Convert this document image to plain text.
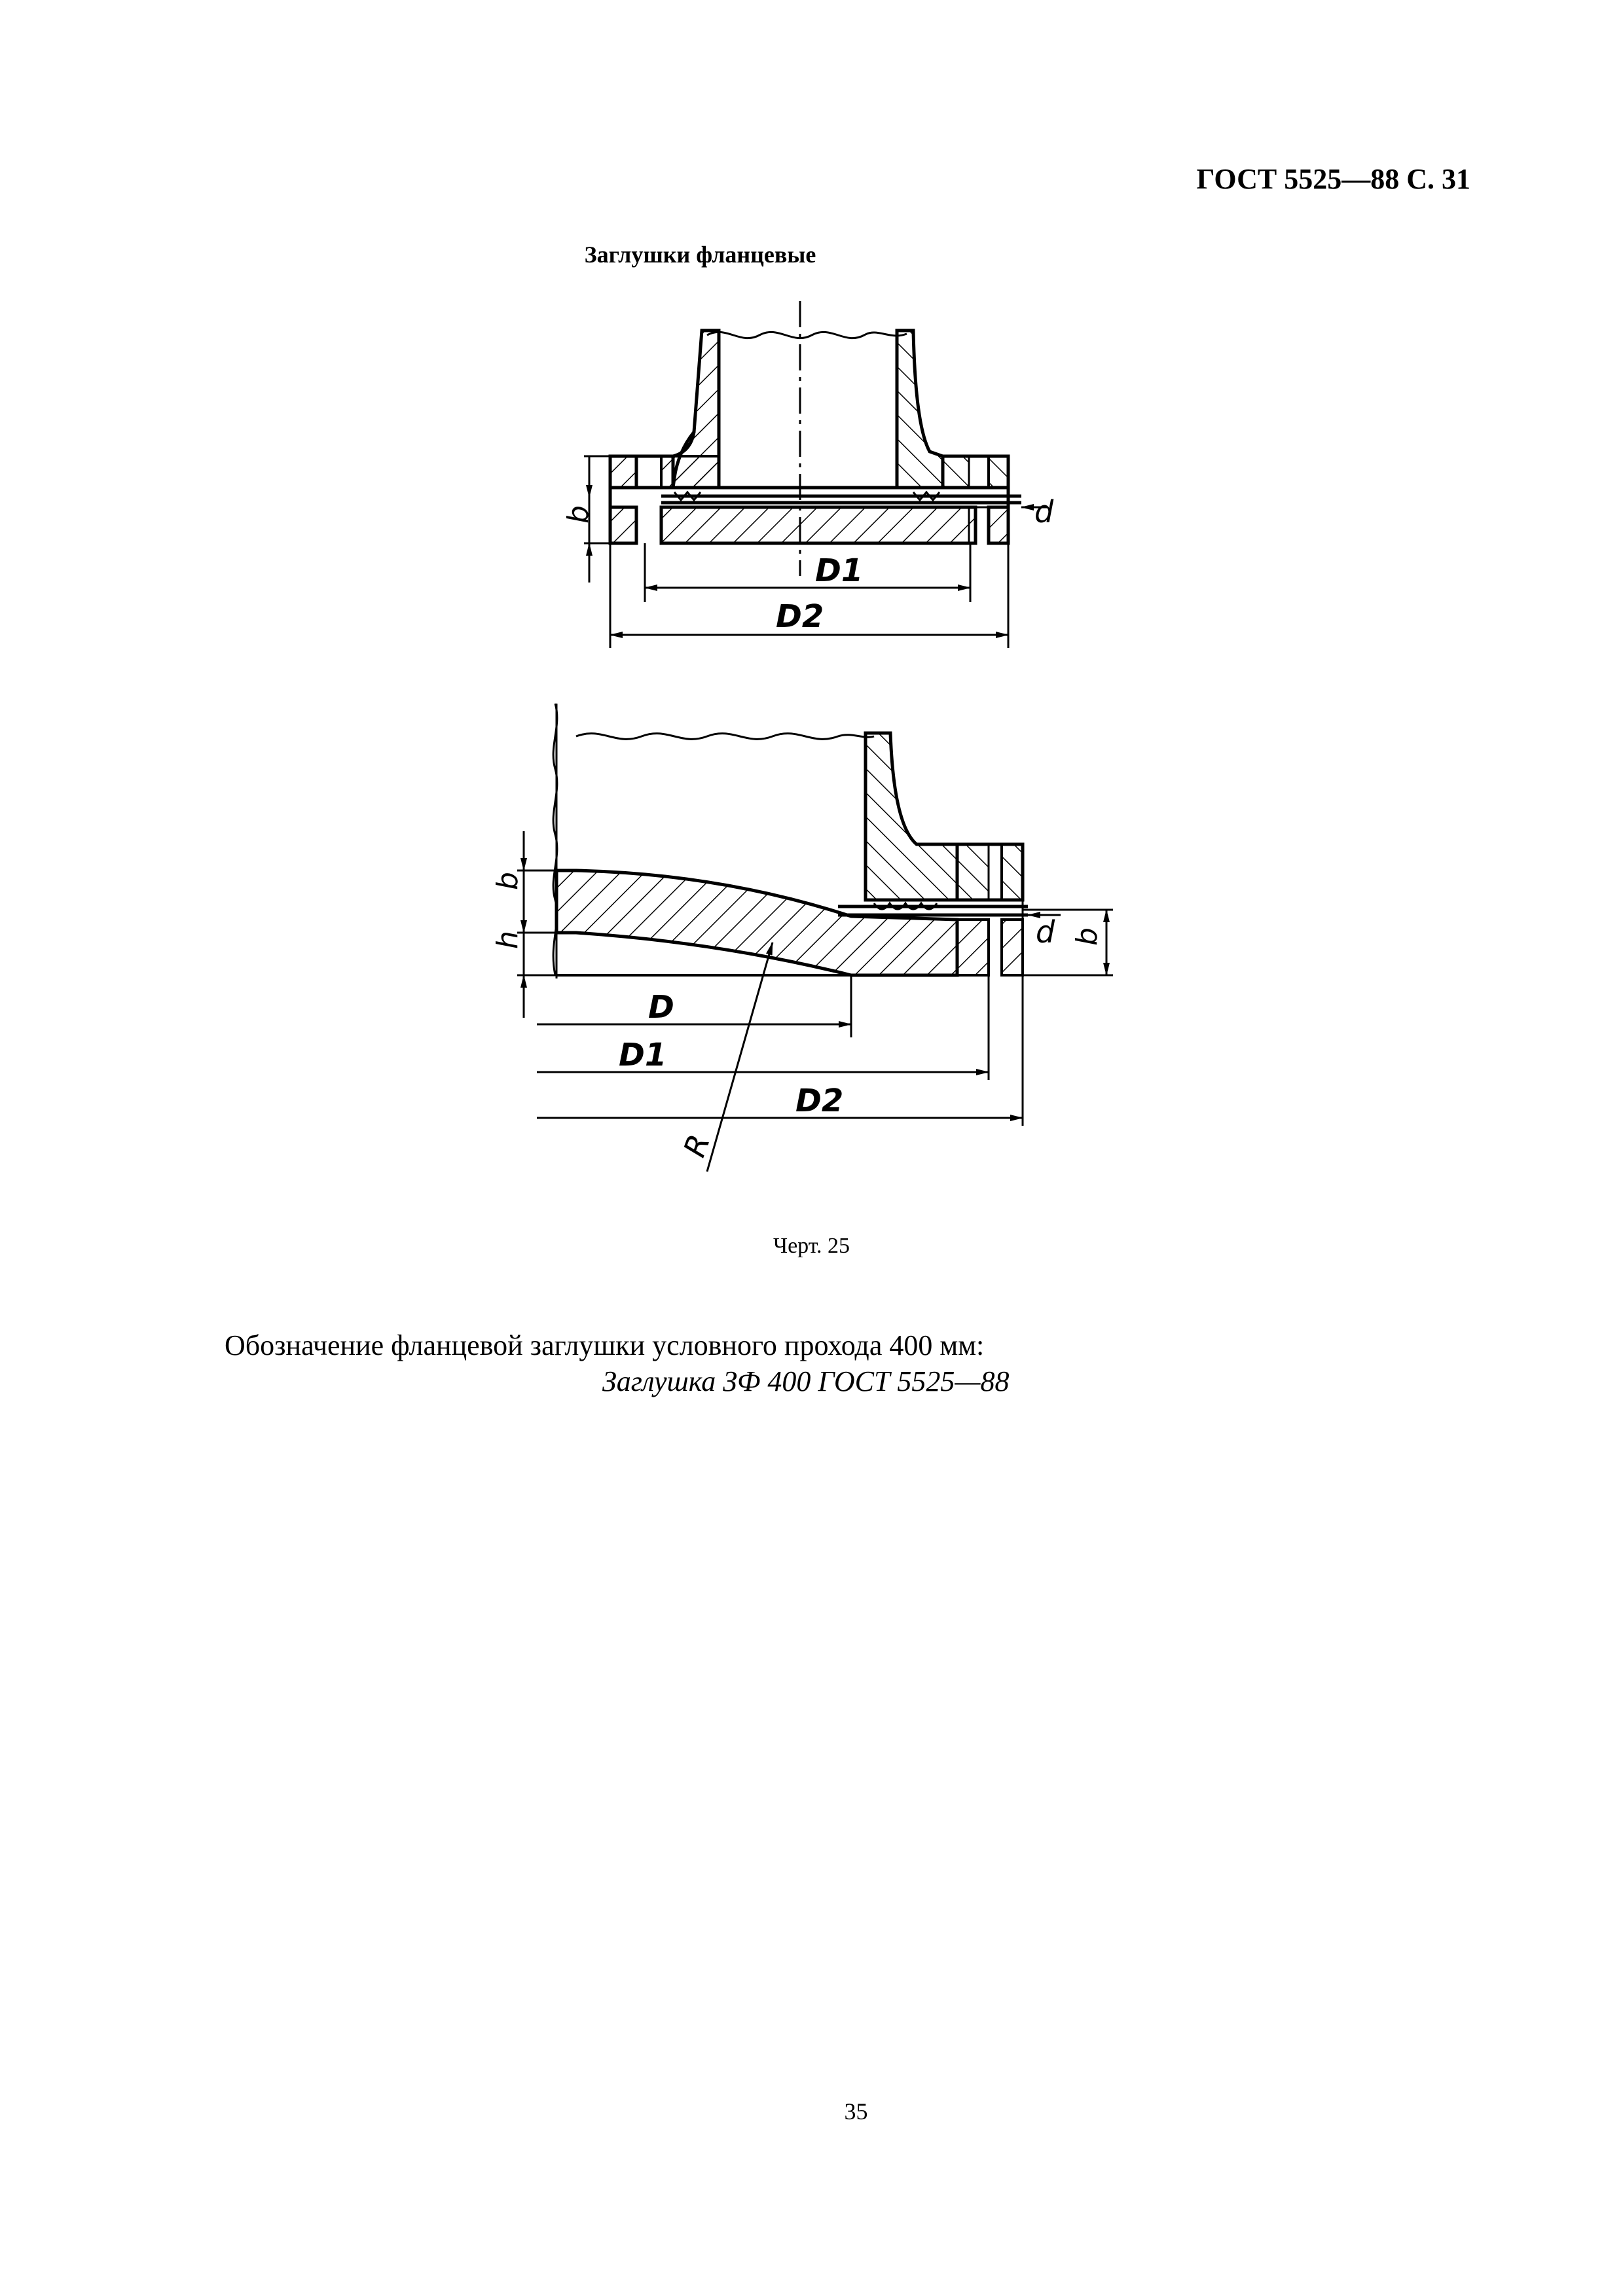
ГОСТ 5525—88 С. 31
Заглушки фланцевые
b	d
D1
D2
b
h	b
d
D
D1
D2
R
Черт. 25
Обозначение фланцевой заглушки условного прохода 400 мм:
Заглушка ЗФ 400 ГОСТ 5525—88
35
